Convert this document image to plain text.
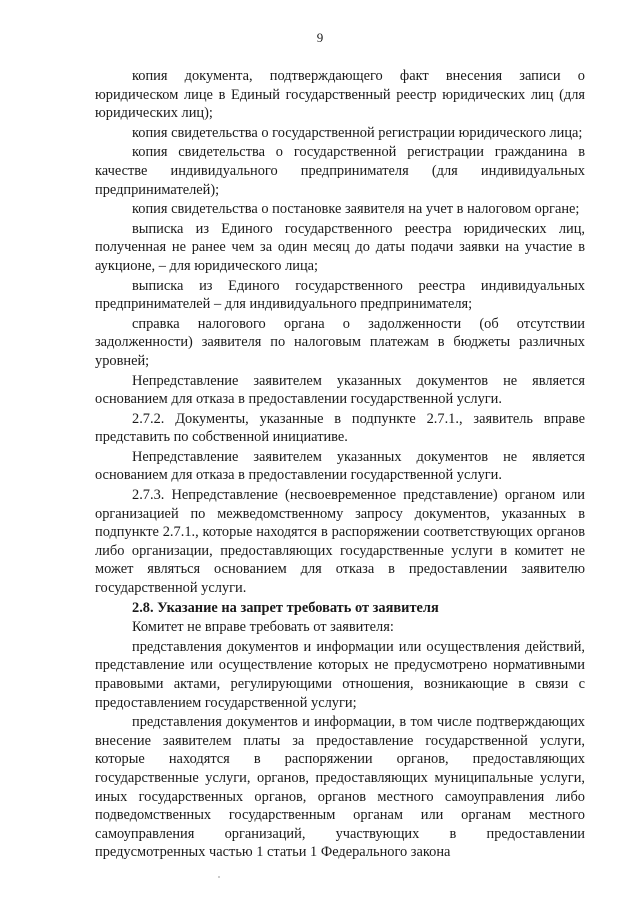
9

копия документа, подтверждающего факт внесения записи о юридическом лице в Единый государственный реестр юридических лиц (для юридических лиц);

копия свидетельства о государственной регистрации юридического лица;

копия свидетельства о государственной регистрации гражданина в качестве индивидуального предпринимателя (для индивидуальных предпринимателей);

копия свидетельства о постановке заявителя на учет в налоговом органе;

выписка из Единого государственного реестра юридических лиц, полученная не ранее чем за один месяц до даты подачи заявки на участие в аукционе, – для юридического лица;

выписка из Единого государственного реестра индивидуальных предпринимателей – для индивидуального предпринимателя;

справка налогового органа о задолженности (об отсутствии задолженности) заявителя по налоговым платежам в бюджеты различных уровней;

Непредставление заявителем указанных документов не является основанием для отказа в предоставлении государственной услуги.

2.7.2. Документы, указанные в подпункте 2.7.1., заявитель вправе представить по собственной инициативе.

Непредставление заявителем указанных документов не является основанием для отказа в предоставлении государственной услуги.

2.7.3. Непредставление (несвоевременное представление) органом или организацией по межведомственному запросу документов, указанных в подпункте 2.7.1., которые находятся в распоряжении соответствующих органов либо организации, предоставляющих государственные услуги в комитет не может являться основанием для отказа в предоставлении заявителю государственной услуги.

2.8. Указание на запрет требовать от заявителя

Комитет не вправе требовать от заявителя:

представления документов и информации или осуществления действий, представление или осуществление которых не предусмотрено нормативными правовыми актами, регулирующими отношения, возникающие в связи с предоставлением государственной услуги;

представления документов и информации, в том числе подтверждающих внесение заявителем платы за предоставление государственной услуги, которые находятся в распоряжении органов, предоставляющих государственные услуги, органов, предоставляющих муниципальные услуги, иных государственных органов, органов местного самоуправления либо подведомственных государственным органам или органам местного самоуправления организаций, участвующих в предоставлении предусмотренных частью 1 статьи 1 Федерального закона
